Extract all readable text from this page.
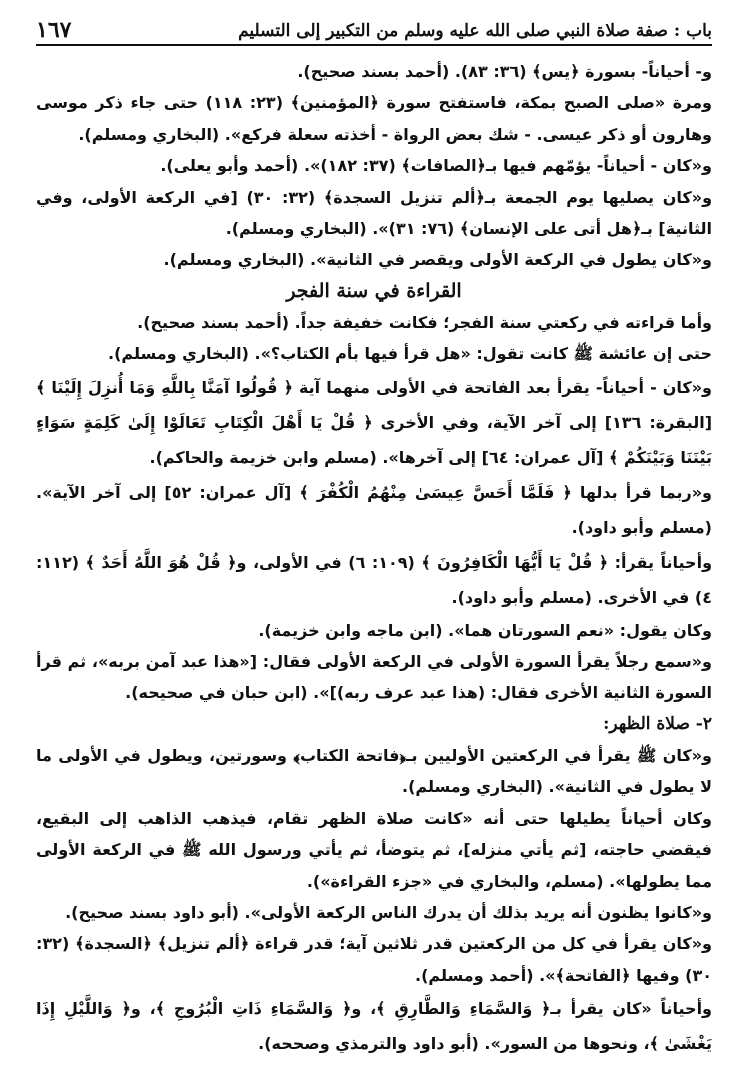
باب : صفة صلاة النبي صلى الله عليه وسلم من التكبير إلى التسليم
١٦٧

و- أحياناً- بسورة ﴿يس﴾ (٣٦: ٨٣). (أحمد بسند صحيح).

ومرة «صلى الصبح بمكة، فاستفتح سورة ﴿المؤمنين﴾ (٢٣: ١١٨) حتى جاء ذكر موسى وهارون أو ذكر عيسى. - شك بعض الرواة - أخذته سعلة فركع». (البخاري ومسلم).

و«كان - أحياناً- يؤمّهم فيها بـ﴿الصافات﴾ (٣٧: ١٨٢)». (أحمد وأبو يعلى).

و«كان يصليها يوم الجمعة بـ﴿ألم تنزيل السجدة﴾ (٣٢: ٣٠) [في الركعة الأولى، وفي الثانية] بـ﴿هل أتى على الإنسان﴾ (٧٦: ٣١)». (البخاري ومسلم).

و«كان يطول في الركعة الأولى ويقصر في الثانية». (البخاري ومسلم).

القراءة في سنة الفجر

وأما قراءته في ركعتي سنة الفجر؛ فكانت خفيفة جداً. (أحمد بسند صحيح).

حتى إن عائشة ﷺ كانت تقول: «هل قرأ فيها بأم الكتاب؟». (البخاري ومسلم).

و«كان - أحياناً- يقرأ بعد الفاتحة في الأولى منهما آية ﴿ قُولُوا آمَنَّا بِاللَّهِ وَمَا أُنزِلَ إِلَيْنَا ﴾ [البقرة: ١٣٦] إلى آخر الآية، وفي الأخرى ﴿ قُلْ يَا أَهْلَ الْكِتَابِ تَعَالَوْا إِلَىٰ كَلِمَةٍ سَوَاءٍ بَيْنَنَا وَبَيْنَكُمْ ﴾ [آل عمران: ٦٤] إلى آخرها». (مسلم وابن خزيمة والحاكم).

و«ربما قرأ بدلها ﴿ فَلَمَّا أَحَسَّ عِيسَىٰ مِنْهُمُ الْكُفْرَ ﴾ [آل عمران: ٥٢] إلى آخر الآية». (مسلم وأبو داود).

وأحياناً يقرأ: ﴿ قُلْ يَا أَيُّهَا الْكَافِرُونَ ﴾ (١٠٩: ٦) في الأولى، و﴿ قُلْ هُوَ اللَّهُ أَحَدٌ ﴾ (١١٢: ٤) في الأخرى. (مسلم وأبو داود).

وكان يقول: «نعم السورتان هما». (ابن ماجه وابن خزيمة).

و«سمع رجلاً يقرأ السورة الأولى في الركعة الأولى فقال: [«هذا عبد آمن بربه»، ثم قرأ السورة الثانية الأخرى فقال: (هذا عبد عرف ربه)]». (ابن حبان في صحيحه).

٢- صلاة الظهر:

و«كان ﷺ يقرأ في الركعتين الأوليين بـ﴿فاتحة الكتاب﴾ وسورتين، ويطول في الأولى ما لا يطول في الثانية». (البخاري ومسلم).

وكان أحياناً يطيلها حتى أنه «كانت صلاة الظهر تقام، فيذهب الذاهب إلى البقيع، فيقضي حاجته، [ثم يأتي منزله]، ثم يتوضأ، ثم يأتي ورسول الله ﷺ في الركعة الأولى مما يطولها». (مسلم، والبخاري في «جزء القراءة»).

و«كانوا يظنون أنه يريد بذلك أن يدرك الناس الركعة الأولى». (أبو داود بسند صحيح).

و«كان يقرأ في كل من الركعتين قدر ثلاثين آية؛ قدر قراءة ﴿ألم تنزيل﴾ ﴿السجدة﴾ (٣٢: ٣٠) وفيها ﴿الفاتحة﴾». (أحمد ومسلم).

وأحياناً «كان يقرأ بـ﴿ وَالسَّمَاءِ وَالطَّارِقِ ﴾، و﴿ وَالسَّمَاءِ ذَاتِ الْبُرُوجِ ﴾، و﴿ وَاللَّيْلِ إِذَا يَغْشَىٰ ﴾، ونحوها من السور». (أبو داود والترمذي وصححه).
